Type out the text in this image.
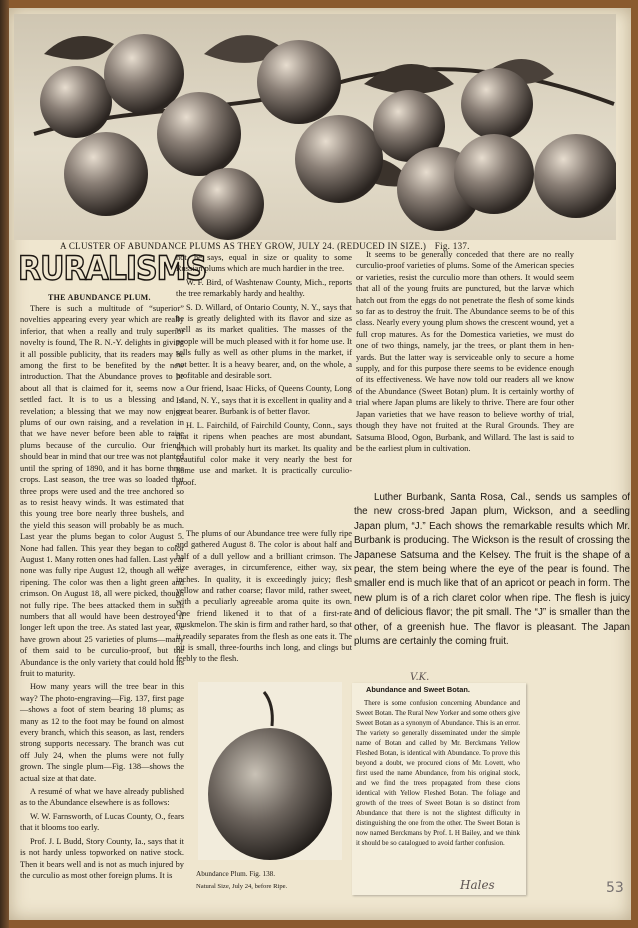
A CLUSTER OF ABUNDANCE PLUMS AS THEY GROW, JULY 24. (REDUCED IN SIZE.) Fig. 137.
RURALISMS
THE ABUNDANCE PLUM.

There is such a multitude of “superior” novelties appearing every year which are really inferior, that when a really and truly superior novelty is found, The R. N.-Y. delights in giving it all possible publicity, that its readers may be among the first to be benefited by the new introduction. That the Abundance proves to be about all that is claimed for it, seems now a settled fact. It is to us a blessing and a revelation; a blessing that we may now enjoy plums of our own raising, and a revelation in that we have never before been able to raise plums because of the curculio. Our friends should bear in mind that our tree was not planted until the spring of 1890, and it has borne three crops. Last season, the tree was so loaded that three props were used and the tree anchored so as to resist heavy winds. It was estimated that this young tree bore nearly three bushels, and the yield this season will probably be as much. Last year the plums began to color August 5. None had fallen. This year they began to color August 1. Many rotten ones had fallen. Last year none was fully ripe August 12, though all were ripening. The color was then a light green and crimson. On August 18, all were picked, though not fully ripe. The bees attacked them in such numbers that all would have been destroyed if longer left upon the tree. As stated last year, we have grown about 25 varieties of plums—many of them said to be curculio-proof, but the Abundance is the only variety that could hold its fruit to maturity.

How many years will the tree bear in this way? The photo-engraving—Fig. 137, first page—shows a foot of stem bearing 18 plums; as many as 12 to the foot may be found on almost every branch, which this season, as last, renders strong supports necessary. The branch was cut off July 24, when the plums were not fully grown. The single plum—Fig. 138—shows the actual size at that date.

A resumé of what we have already published as to the Abundance elsewhere is as follows:

W. W. Farnsworth, of Lucas County, O., fears that it blooms too early.

Prof. J. L Budd, Story County, Ia., says that it is not hardy unless topworked on native stock. Then it bears well and is not as much injured by the curculio as most other foreign plums. It is

not, he says, equal in size or quality to some Russian plums which are much hardier in the tree.

W. F. Bird, of Washtenaw County, Mich., reports the tree remarkably hardy and healthy.

S. D. Willard, of Ontario County, N. Y., says that he is greatly delighted with its flavor and size as well as its market qualities. The masses of the people will be much pleased with it for home use. It sells fully as well as other plums in the market, if not better. It is a heavy bearer, and, on the whole, a profitable and desirable sort.

Our friend, Isaac Hicks, of Queens County, Long Island, N. Y., says that it is excellent in quality and a great bearer. Burbank is of better flavor.

H. L. Fairchild, of Fairchild County, Conn., says that it ripens when peaches are most abundant, which will probably hurt its market. Its quality and beautiful color make it very nearly the best for home use and market. It is practically curculio-proof.

The plums of our Abundance tree were fully ripe and gathered August 8. The color is about half and half of a dull yellow and a brilliant crimson. The size averages, in circumference, either way, six inches. In quality, it is exceedingly juicy; flesh yellow and rather coarse; flavor mild, rather sweet, with a peculiarly agreeable aroma quite its own. One friend likened it to that of a first-rate muskmelon. The skin is firm and rather hard, so that it readily separates from the flesh as one eats it. The pit is small, three-fourths inch long, and clings but feebly to the flesh.

It seems to be generally conceded that there are no really curculio-proof varieties of plums. Some of the American species or varieties, resist the curculio more than others. It would seem that all of the young fruits are punctured, but the larvæ which hatch out from the eggs do not penetrate the flesh of some kinds so far as to destroy the fruit. The Abundance seems to be of this class. Nearly every young plum shows the crescent wound, yet a full crop matures. As for the Domestica varieties, we must do one of two things, namely, jar the trees, or plant them in hen-yards. But the latter way is serviceable only to secure a home supply, and for this purpose there seems to be evidence enough of its effectiveness. We have now told our readers all we know of the Abundance (Sweet Botan) plum. It is certainly worthy of trial where Japan plums are likely to thrive. There are four other Japan varieties that we have reason to believe worthy of trial, though they have not fruited at the Rural Grounds. They are Satsuma Blood, Ogon, Burbank, and Willard. The last is said to be the earliest plum in cultivation.

Luther Burbank, Santa Rosa, Cal., sends us samples of the new cross-bred Japan plum, Wickson, and a seedling Japan plum, “J.” Each shows the remarkable results which Mr. Burbank is producing. The Wickson is the result of crossing the Japanese Satsuma and the Kelsey. The fruit is the shape of a pear, the stem being where the eye of the pear is found. The smaller end is much like that of an apricot or peach in form. The new plum is of a rich claret color when ripe. The flesh is juicy and of delicious flavor; the pit small. The “J” is smaller than the other, of a greenish hue. The flavor is pleasant. The Japan plums are certainly the coming fruit.

Abundance Plum. Fig. 138.
Natural Size, July 24, before Ripe.
Abundance and Sweet Botan.

There is some confusion concerning Abundance and Sweet Botan. The Rural New Yorker and some others give Sweet Botan as a synonym of Abundance. This is an error. The variety so generally disseminated under the simple name of Botan and called by Mr. Berckmans Yellow Fleshed Botan, is identical with Abundance. To prove this beyond a doubt, we procured cions of Mr. Lovett, who first used the name Abundance, from his original stock, and we find the trees propagated from these cions identical with Yellow Fleshed Botan. The foliage and growth of the trees of Sweet Botan is so distinct from Abundance that there is not the slightest difficulty in distinguishing the one from the other. The Sweet Botan is now named Berckmans by Prof. L H Bailey, and we think it should be so catalogued to avoid farther confusion.

V.K.
Hales	53
